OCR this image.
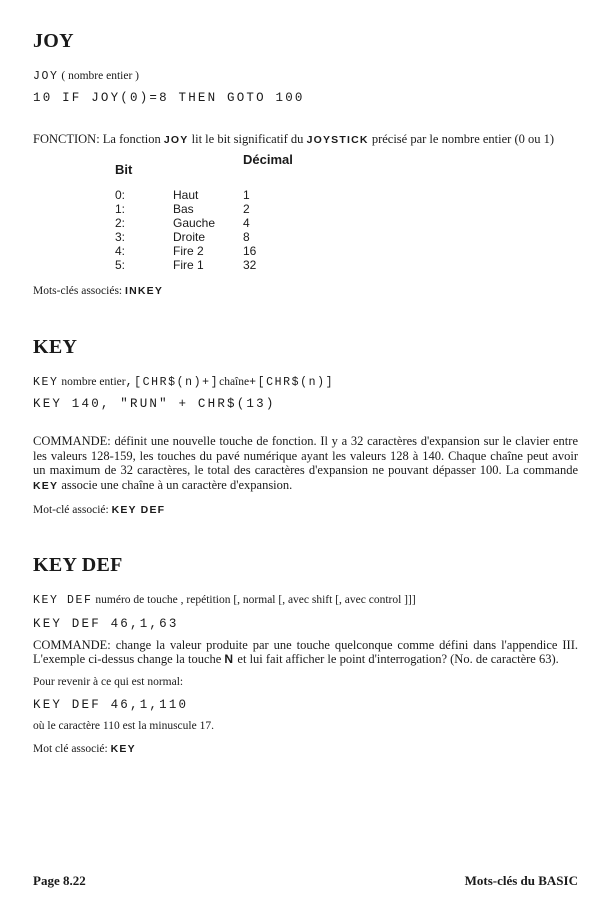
JOY
JOY ( nombre entier )
10 IF JOY(0)=8 THEN GOTO 100

FONCTION: La fonction JOY lit le bit significatif du JOYSTICK précisé par le nombre entier (0 ou 1)

Bit
Décimal
0:	Haut	1
1:	Bas	2
2:	Gauche	4
3:	Droite	8
4:	Fire 2	16
5:	Fire 1	32
Mots-clés associés: INKEY
KEY
KEY nombre entier,[CHR$(n)+]chaîne+[CHR$(n)]
KEY 140, "RUN" + CHR$(13)

COMMANDE: définit une nouvelle touche de fonction. Il y a 32 caractères d'expansion sur le clavier entre les valeurs 128-159, les touches du pavé numérique ayant les valeurs 128 à 140. Chaque chaîne peut avoir un maximum de 32 caractères, le total des caractères d'expansion ne pouvant dépasser 100. La commande KEY associe une chaîne à un caractère d'expansion.

Mot-clé associé: KEY DEF
KEY DEF
KEY DEF numéro de touche , repétition [, normal [, avec shift [, avec control ]]]
KEY DEF 46,1,63

COMMANDE: change la valeur produite par une touche quelconque comme défini dans l'appendice III. L'exemple ci-dessus change la touche N et lui fait afficher le point d'interrogation? (No. de caractère 63).

Pour revenir à ce qui est normal:
KEY DEF 46,1,110
où le caractère 110 est la minuscule 17.
Mot clé associé: KEY
Page 8.22	Mots-clés du BASIC
